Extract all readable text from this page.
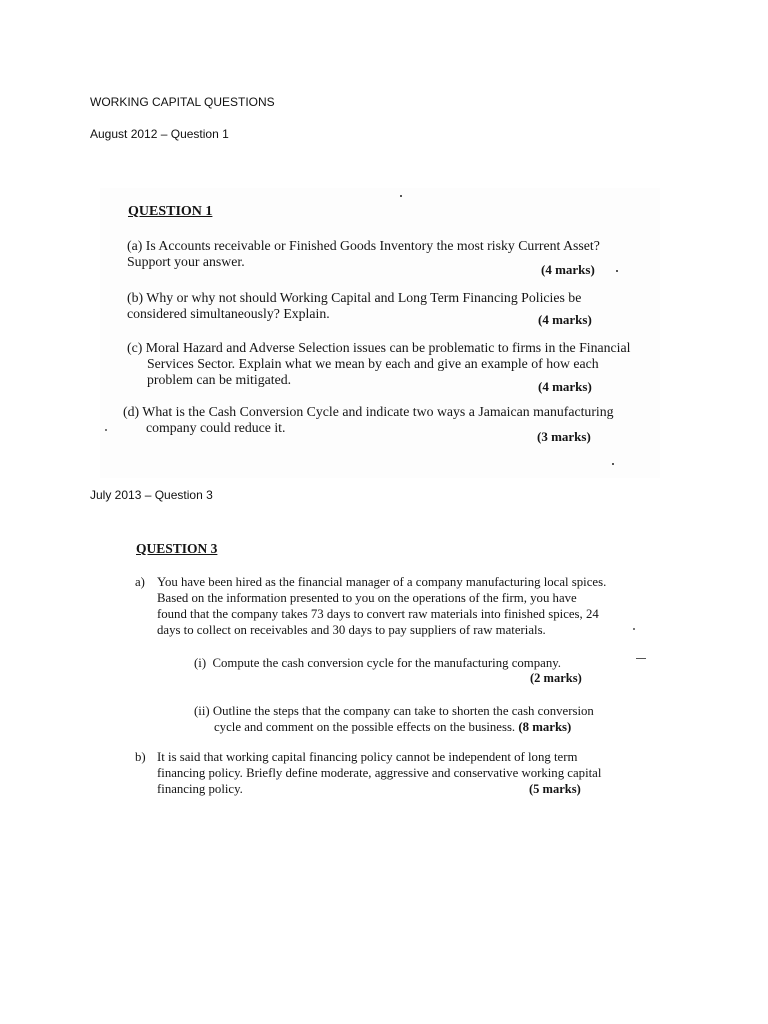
WORKING CAPITAL QUESTIONS
August 2012 – Question 1
QUESTION 1
(a) Is Accounts receivable or Finished Goods Inventory the most risky Current Asset?
Support your answer.
(4 marks)
(b) Why or why not should Working Capital and Long Term Financing Policies be
considered simultaneously? Explain.	(4 marks)
(c) Moral Hazard and Adverse Selection issues can be problematic to firms in the Financial
Services Sector. Explain what we mean by each and give an example of how each
problem can be mitigated.	(4 marks)
(d) What is the Cash Conversion Cycle and indicate two ways a Jamaican manufacturing
company could reduce it.
(3 marks)
July 2013 – Question 3
QUESTION 3
a) You have been hired as the financial manager of a company manufacturing local spices.
Based on the information presented to you on the operations of the firm, you have
found that the company takes 73 days to convert raw materials into finished spices, 24
days to collect on receivables and 30 days to pay suppliers of raw materials.
(i) Compute the cash conversion cycle for the manufacturing company.
(2 marks)
(ii) Outline the steps that the company can take to shorten the cash conversion
cycle and comment on the possible effects on the business. (8 marks)
b) It is said that working capital financing policy cannot be independent of long term
financing policy. Briefly define moderate, aggressive and conservative working capital
financing policy.	(5 marks)
